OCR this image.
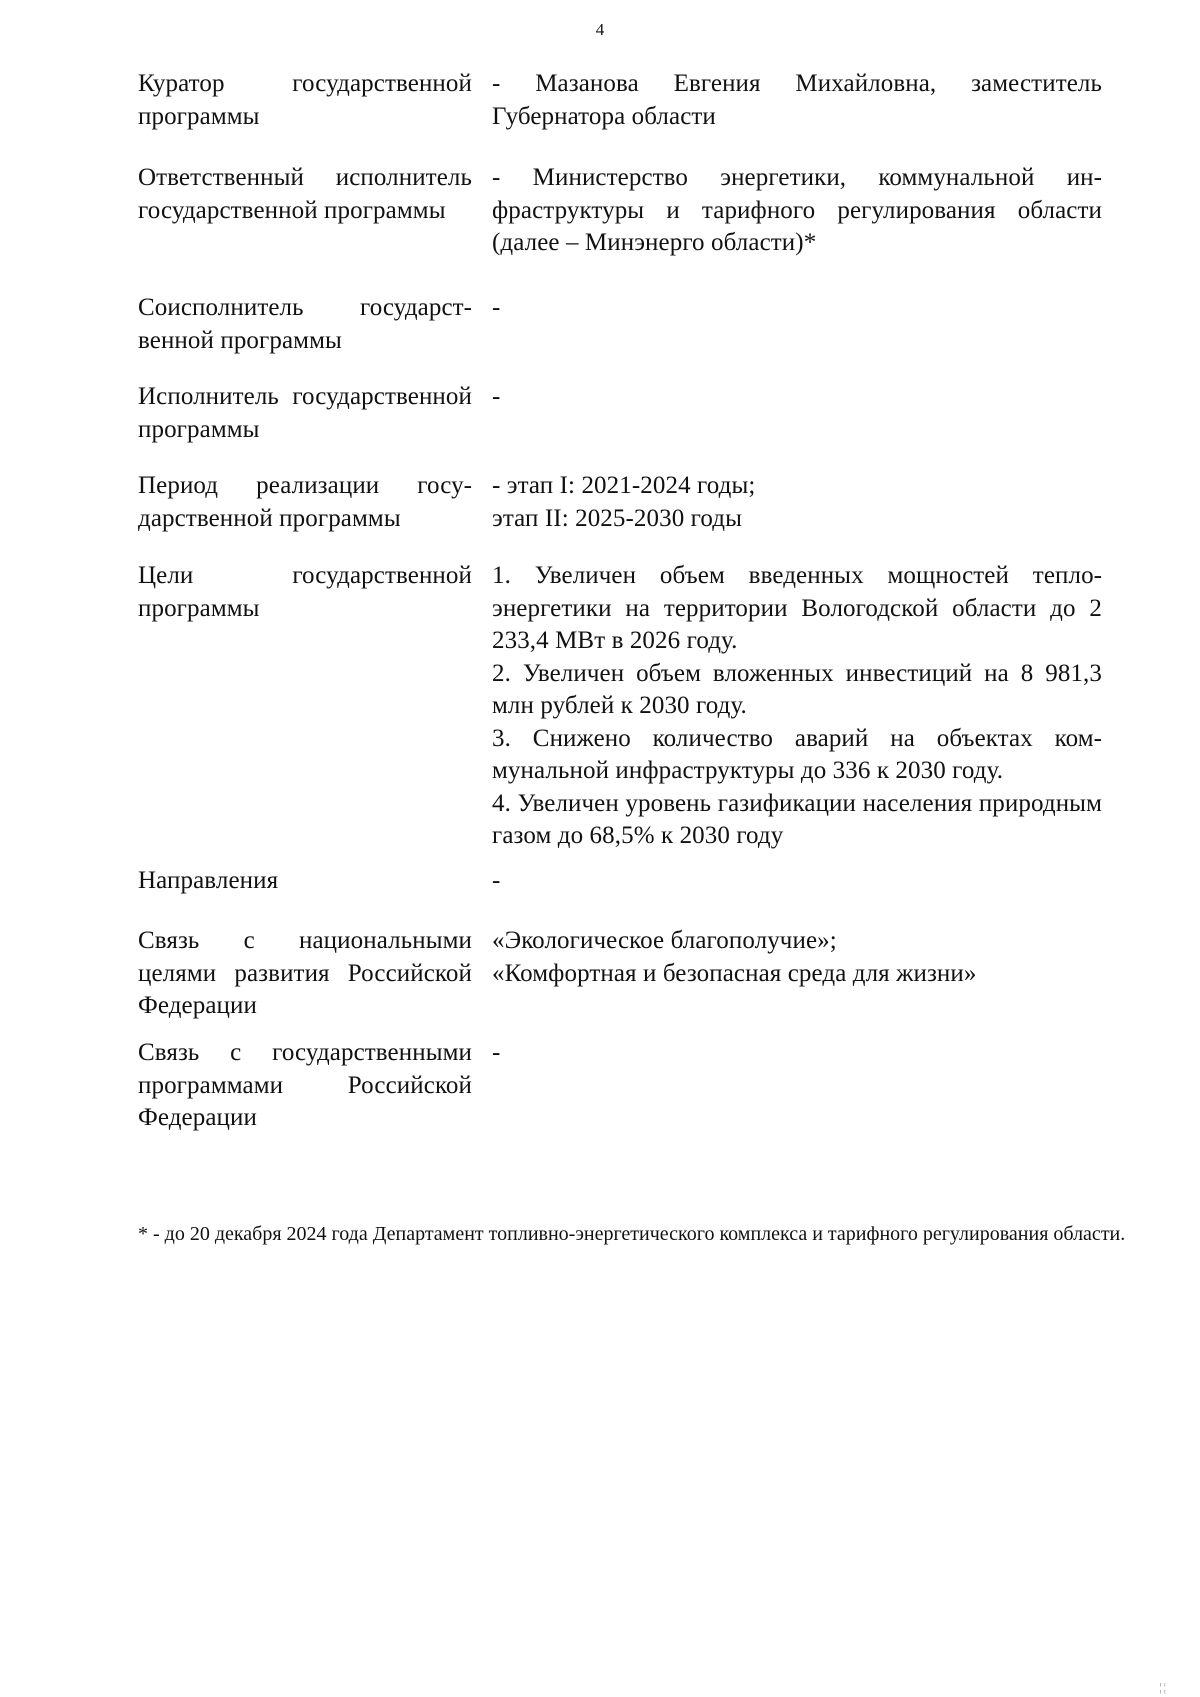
4
Куратор государственной программы
- Мазанова Евгения Михайловна, заместитель Губернатора области
Ответственный исполнитель государственной программы
- Министерство энергетики, коммунальной инфраструктуры и тарифного регулирования области (далее – Минэнерго области)*
Соисполнитель государственной программы
-
Исполнитель государственной программы
-
Период реализации государственной программы
- этап I: 2021-2024 годы;
этап II: 2025-2030 годы
Цели государственной программы
1. Увеличен объем введенных мощностей теплоэнергетики на территории Вологодской области до 2 233,4 МВт в 2026 году.
2. Увеличен объем вложенных инвестиций на 8 981,3 млн рублей к 2030 году.
3. Снижено количество аварий на объектах коммунальной инфраструктуры до 336 к 2030 году.
4. Увеличен уровень газификации населения природным газом до 68,5% к 2030 году
Направления	-
Связь с национальными целями развития Российской Федерации
«Экологическое благополучие»;
«Комфортная и безопасная среда для жизни»
Связь с государственными программами Российской Федерации
-
* - до 20 декабря 2024 года Департамент топливно-энергетического комплекса и тарифного регулирования области.
¦¦
